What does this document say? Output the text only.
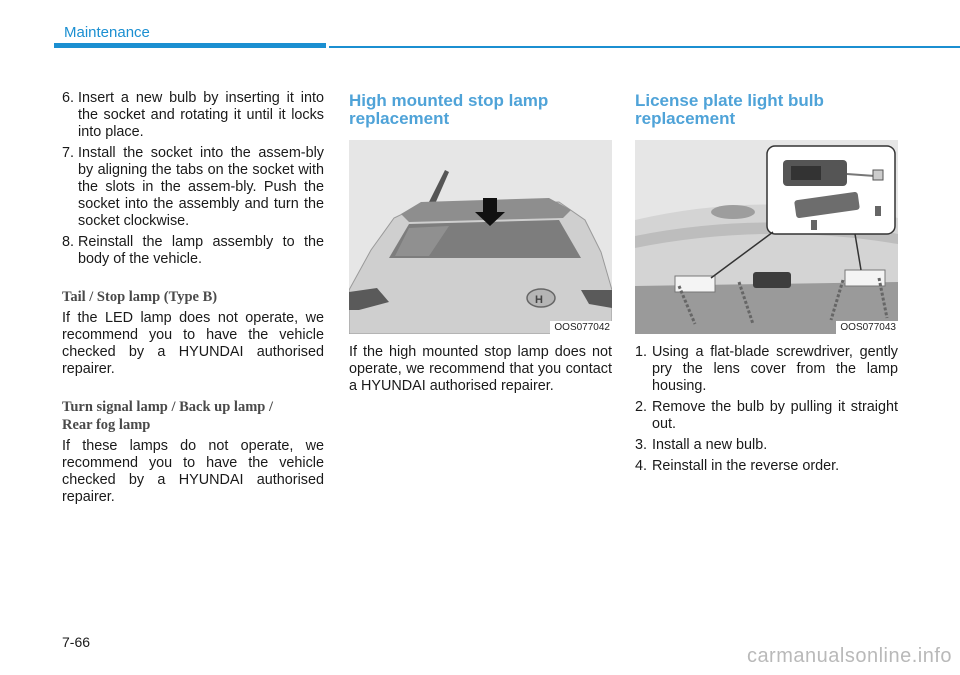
Maintenance
6. Insert a new bulb by inserting it into the socket and rotating it until it locks into place.
7. Install the socket into the assem-bly by aligning the tabs on the socket with the slots in the assem-bly. Push the socket into the assembly and turn the socket clockwise.
8. Reinstall the lamp assembly to the body of the vehicle.
Tail / Stop lamp (Type B)

If the LED lamp does not operate, we recommend you to have the vehicle checked by a HYUNDAI authorised repairer.

Turn signal lamp / Back up lamp /
Rear fog lamp

If these lamps do not operate, we recommend you to have the vehicle checked by a HYUNDAI authorised repairer.

High mounted stop lamp
replacement
H
OOS077042

If the high mounted stop lamp does not operate, we recommend that you contact a HYUNDAI authorised repairer.

License plate light bulb
replacement
OOS077043
1. Using a flat-blade screwdriver, gently pry the lens cover from the lamp housing.
2. Remove the bulb by pulling it straight out.
3. Install a new bulb.
4. Reinstall in the reverse order.
7-66
carmanualsonline.info
